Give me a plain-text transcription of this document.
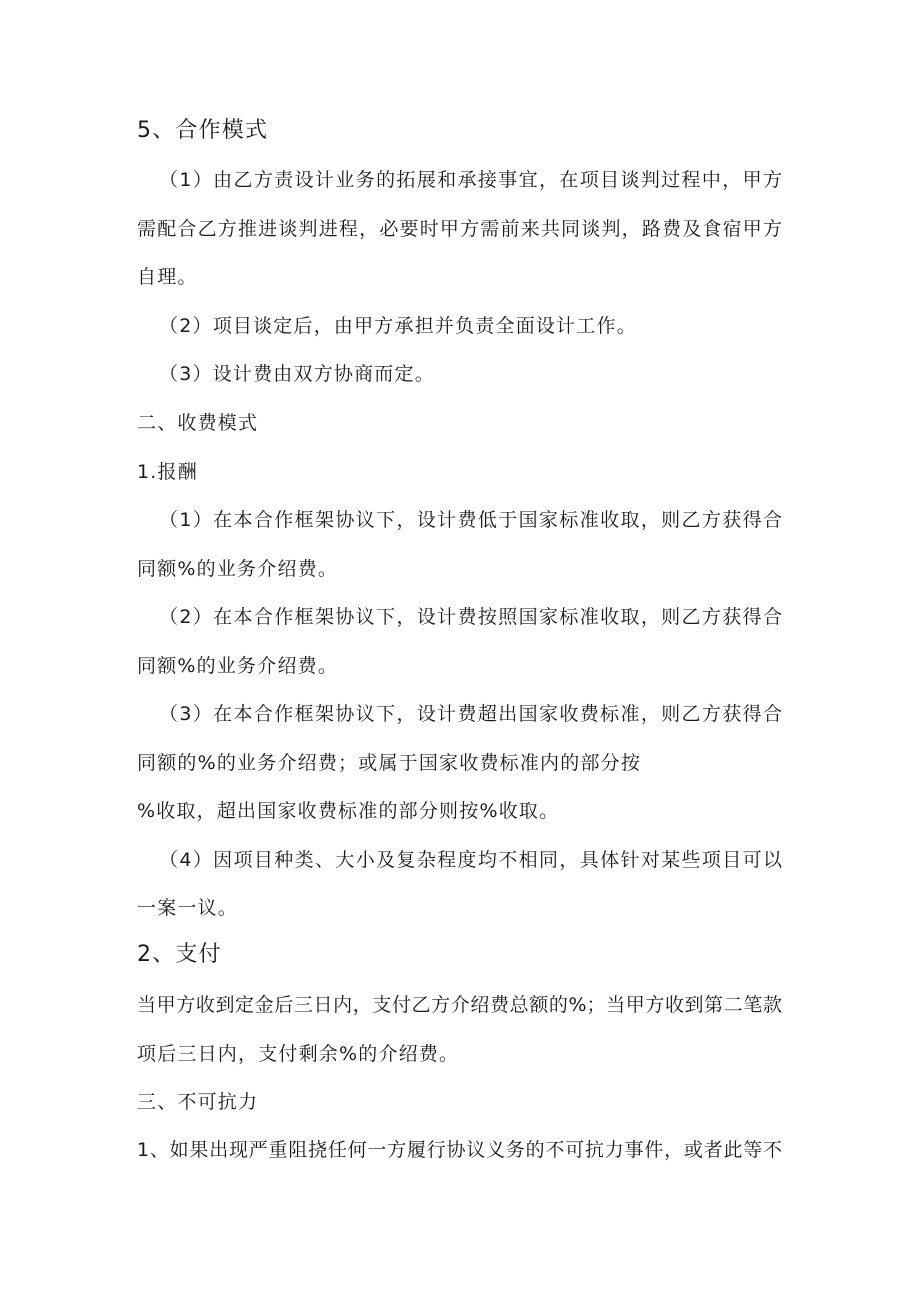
5、合作模式
（1）由乙方责设计业务的拓展和承接事宜，在项目谈判过程中，甲方
需配合乙方推进谈判进程，必要时甲方需前来共同谈判，路费及食宿甲方
自理。
（2）项目谈定后，由甲方承担并负责全面设计工作。
（3）设计费由双方协商而定。
二、收费模式
1.报酬
（1）在本合作框架协议下，设计费低于国家标准收取，则乙方获得合
同额%的业务介绍费。
（2）在本合作框架协议下，设计费按照国家标准收取，则乙方获得合
同额%的业务介绍费。
（3）在本合作框架协议下，设计费超出国家收费标准，则乙方获得合
同额的%的业务介绍费；或属于国家收费标准内的部分按
%收取，超出国家收费标准的部分则按%收取。
（4）因项目种类、大小及复杂程度均不相同，具体针对某些项目可以
一案一议。
2、支付
当甲方收到定金后三日内，支付乙方介绍费总额的%；当甲方收到第二笔款
项后三日内，支付剩余%的介绍费。
三、不可抗力
1、如果出现严重阻挠任何一方履行协议义务的不可抗力事件，或者此等不
